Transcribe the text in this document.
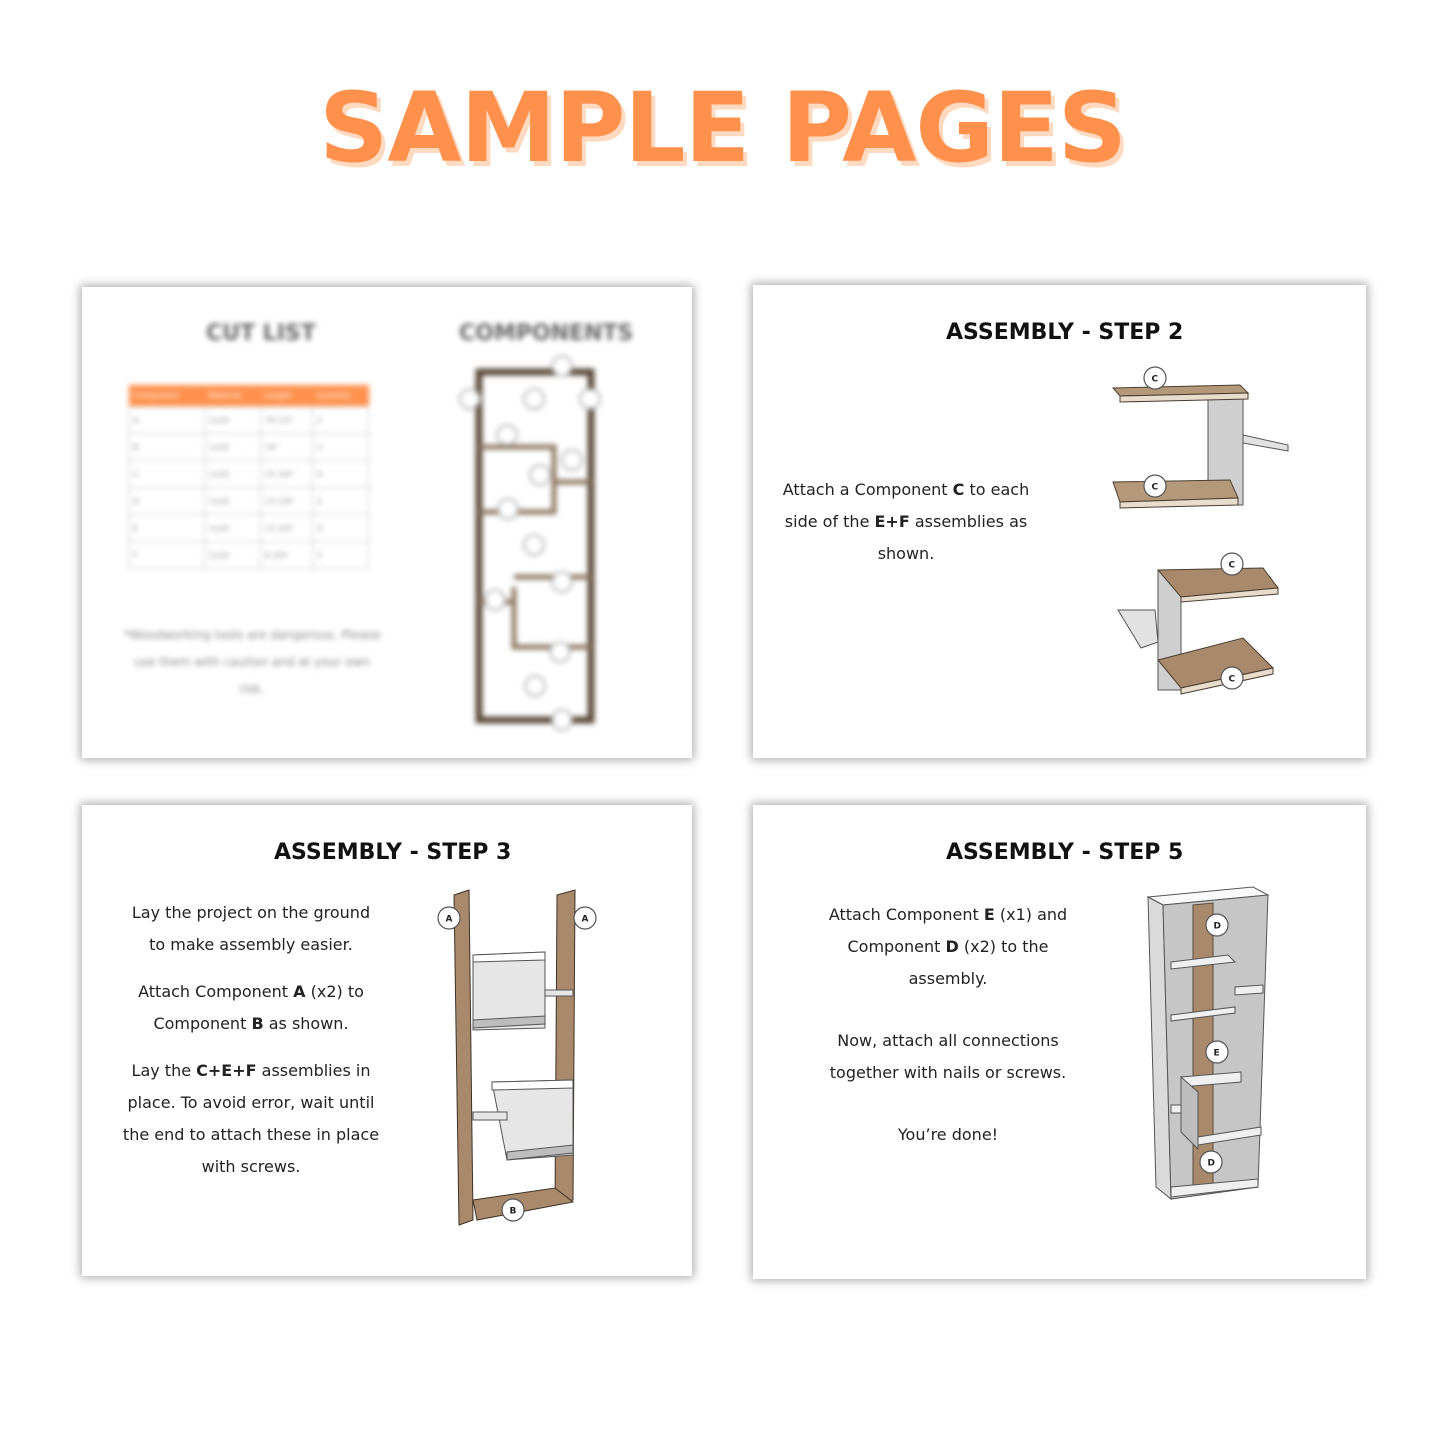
SAMPLE PAGES
CUT LIST	COMPONENTS
Component	Material	Length	Quantity
A	1x10	70 1/2"	2
B	1x10	24"	2
C	1x10	15 3/4"	4
D	1x10	13 1/8"	2
E	1x10	13 3/4"	3
F	1x10	6 3/4"	2
*Woodworking tools are dangerous. Please use them with caution and at your own risk.
ASSEMBLY - STEP 2

Attach a Component C to each side of the E+F assemblies as shown.

C
C
C
C
ASSEMBLY - STEP 3

Lay the project on the ground to make assembly easier.

Attach Component A (x2) to Component B as shown.

Lay the C+E+F assemblies in place. To avoid error, wait until the end to attach these in place with screws.

A	A
B
ASSEMBLY - STEP 5

Attach Component E (x1) and Component D (x2) to the assembly.

Now, attach all connections together with nails or screws.

You’re done!

D
E
D
